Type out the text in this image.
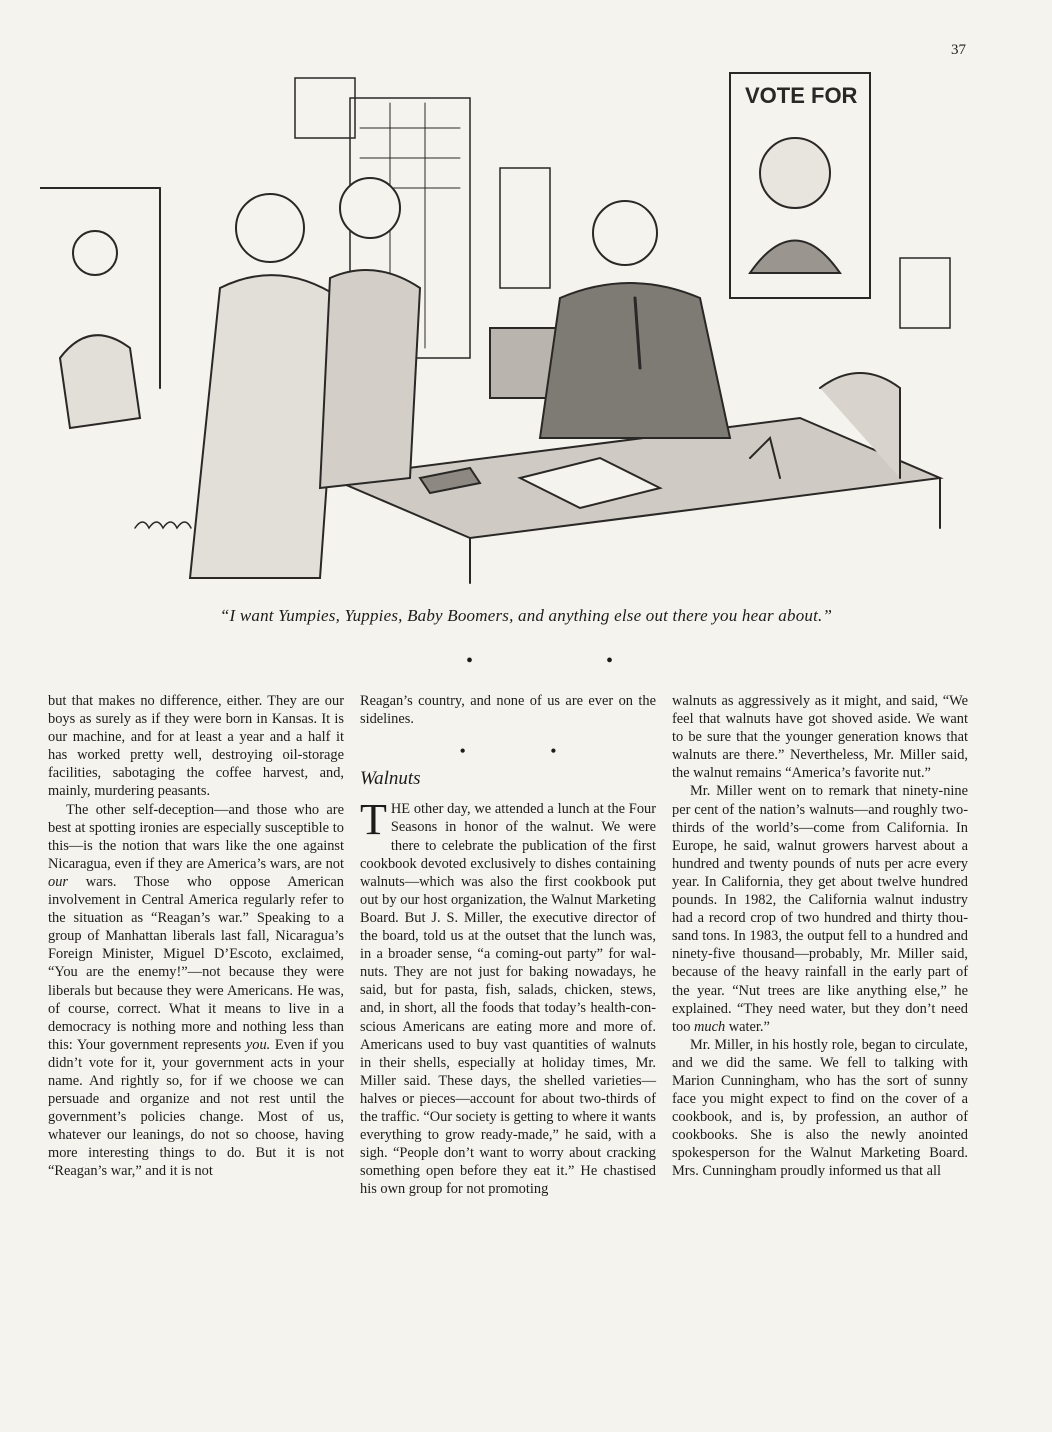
37
VOTE FOR
“I want Yumpies, Yuppies, Baby Boomers, and anything else out there you hear about.”
• •

but that makes no difference, either. They are our boys as surely as if they were born in Kansas. It is our machine, and for at least a year and a half it has worked pretty well, destroying oil-storage facilities, sabotaging the coffee harvest, and, mainly, murdering peasants.

The other self-deception—and those who are best at spotting ironies are especially susceptible to this—is the notion that wars like the one against Nicaragua, even if they are America’s wars, are not our wars. Those who oppose American involvement in Central America regularly refer to the situation as “Reagan’s war.” Speaking to a group of Manhattan liberals last fall, Nicaragua’s Foreign Minister, Miguel D’Escoto, exclaimed, “You are the enemy!”—not because they were liberals but because they were Americans. He was, of course, correct. What it means to live in a democracy is nothing more and nothing less than this: Your government represents you. Even if you didn’t vote for it, your government acts in your name. And rightly so, for if we choose we can persuade and organize and not rest until the government’s policies change. Most of us, whatever our leanings, do not so choose, having more interesting things to do. But it is not “Reagan’s war,” and it is not

Reagan’s country, and none of us are ever on the sidelines.

• •
Walnuts

THE other day, we attended a lunch at the Four Seasons in honor of the walnut. We were there to celebrate the publication of the first cookbook devoted exclusively to dishes containing walnuts—which was also the first cookbook put out by our host organization, the Walnut Marketing Board. But J. S. Miller, the executive director of the board, told us at the outset that the lunch was, in a broader sense, “a coming-out party” for walnuts. They are not just for baking nowadays, he said, but for pasta, fish, salads, chicken, stews, and, in short, all the foods that today’s health-conscious Americans are eating more and more of. Americans used to buy vast quantities of walnuts in their shells, especially at holiday times, Mr. Miller said. These days, the shelled varieties—halves or pieces—account for about two-thirds of the traffic. “Our society is getting to where it wants everything to grow ready-made,” he said, with a sigh. “People don’t want to worry about cracking something open before they eat it.” He chastised his own group for not promoting

walnuts as aggressively as it might, and said, “We feel that walnuts have got shoved aside. We want to be sure that the younger generation knows that walnuts are there.” Nevertheless, Mr. Miller said, the walnut remains “America’s favorite nut.”

Mr. Miller went on to remark that ninety-nine per cent of the nation’s walnuts—and roughly two-thirds of the world’s—come from California. In Europe, he said, walnut growers harvest about a hundred and twenty pounds of nuts per acre every year. In California, they get about twelve hundred pounds. In 1982, the California walnut industry had a record crop of two hundred and thirty thousand tons. In 1983, the output fell to a hundred and ninety-five thousand—probably, Mr. Miller said, because of the heavy rainfall in the early part of the year. “Nut trees are like anything else,” he explained. “They need water, but they don’t need too much water.”

Mr. Miller, in his hostly role, began to circulate, and we did the same. We fell to talking with Marion Cunningham, who has the sort of sunny face you might expect to find on the cover of a cookbook, and is, by profession, an author of cookbooks. She is also the newly anointed spokesperson for the Walnut Marketing Board. Mrs. Cunningham proudly informed us that all
